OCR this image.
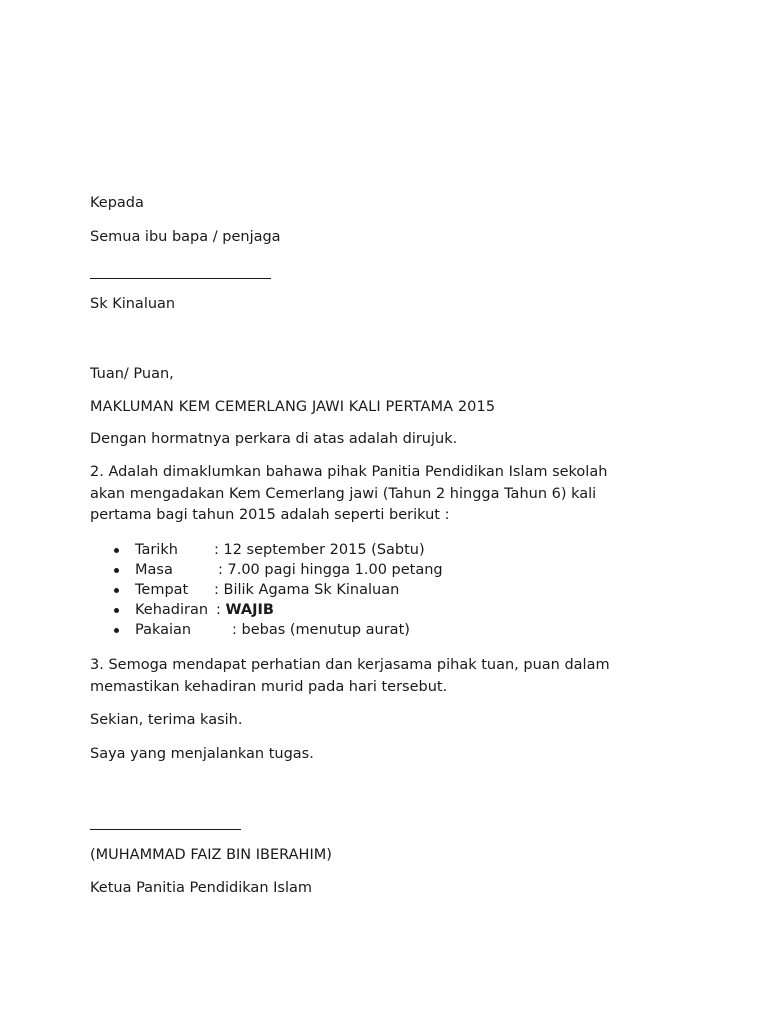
Kepada
Semua ibu bapa / penjaga
Sk Kinaluan
Tuan/ Puan,
MAKLUMAN KEM CEMERLANG JAWI KALI PERTAMA 2015
Dengan hormatnya perkara di atas adalah dirujuk.
2. Adalah dimaklumkan bahawa pihak Panitia Pendidikan Islam sekolah
akan mengadakan Kem Cemerlang jawi (Tahun 2 hingga Tahun 6) kali
pertama bagi tahun 2015 adalah seperti berikut :
Tarikh : 12 september 2015 (Sabtu)
Masa	: 7.00 pagi hingga 1.00 petang
Tempat : Bilik Agama Sk Kinaluan
Kehadiran : WAJIB
Pakaian	: bebas (menutup aurat)
3. Semoga mendapat perhatian dan kerjasama pihak tuan, puan dalam
memastikan kehadiran murid pada hari tersebut.
Sekian, terima kasih.
Saya yang menjalankan tugas.
(MUHAMMAD FAIZ BIN IBERAHIM)
Ketua Panitia Pendidikan Islam
